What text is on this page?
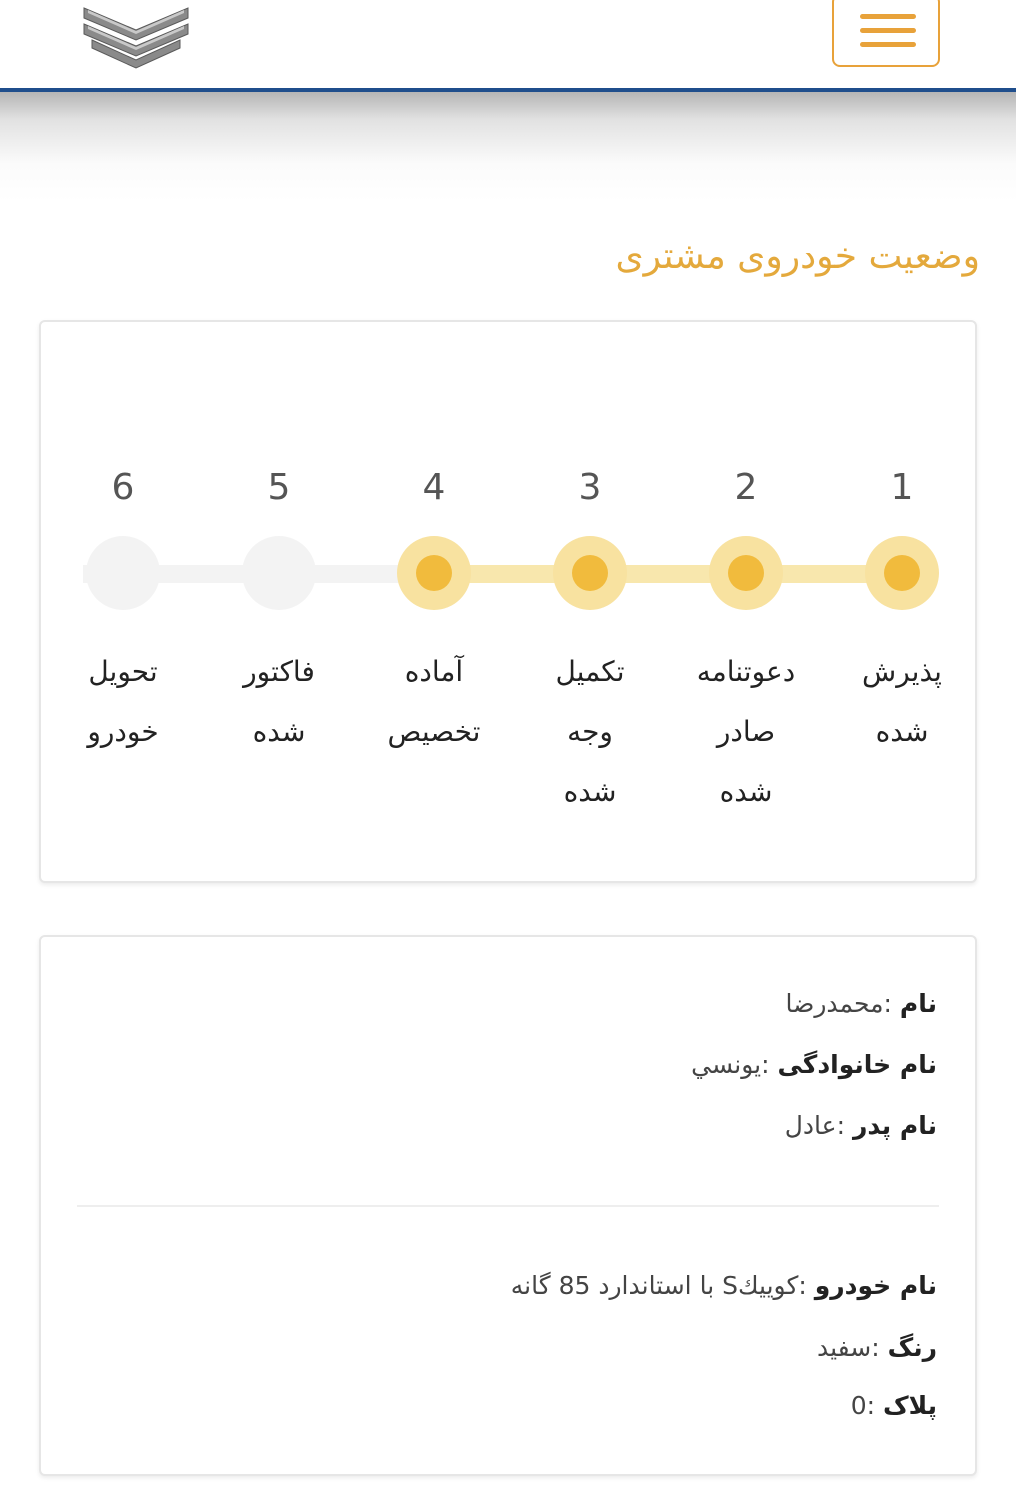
وضعیت خودروی مشتری
6
تحویل
خودرو
5
فاکتور
شده
4
آماده
تخصیص
3
تکمیل
وجه
شده
2
دعوتنامه
صادر
شده
1
پذیرش
شده
نام :محمدرضا
نام خانوادگی :یونسي
نام پدر :عادل
نام خودرو :کوييكS با استاندارد 85 گانه
رنگ :سفيد
پلاک :0
